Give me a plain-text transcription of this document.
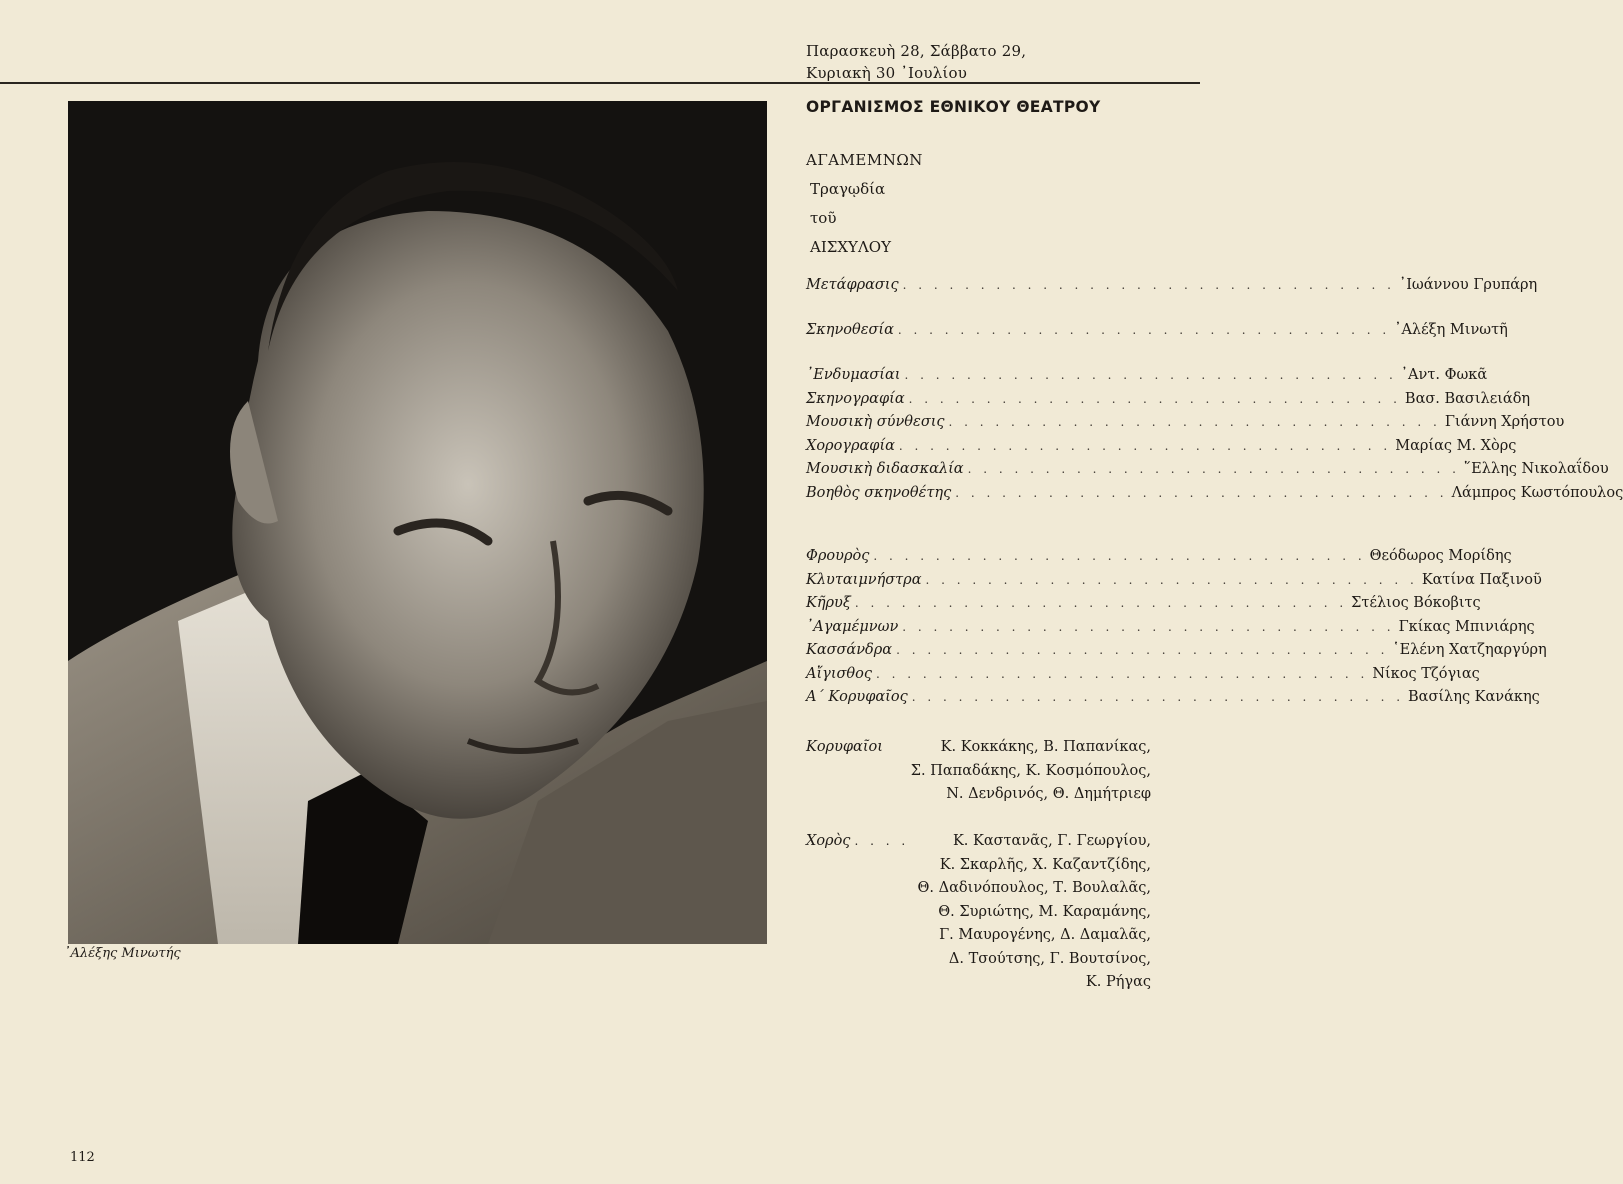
Παρασκευὴ 28, Σάββατο 29,
Κυριακὴ 30 ᾿Ιουλίου
᾿Αλέξης Μινωτής
112
ΟΡΓΑΝΙΣΜΟΣ ΕΘΝΙΚΟΥ ΘΕΑΤΡΟΥ
ΑΓΑΜΕΜΝΩΝ
Τραγῳδία
τοῦ
ΑΙΣΧΥΛΟΥ
Μετάφρασις . . . . . . . . . . . . . . . . . . . . . . . . . . . . . . . . ᾿Ιωάννου Γρυπάρη
Σκηνοθεσία . . . . . . . . . . . . . . . . . . . . . . . . . . . . . . . . ᾿Αλέξη Μινωτῆ
᾿Ενδυμασίαι . . . . . . . . . . . . . . . . . . . . . . . . . . . . . . . . ᾿Αντ. Φωκᾶ
Σκηνογραφία . . . . . . . . . . . . . . . . . . . . . . . . . . . . . . . . Βασ. Βασιλειάδη
Μουσικὴ σύνθεσις . . . . . . . . . . . . . . . . . . . . . . . . . . . . . . . . Γιάννη Χρήστου
Χορογραφία . . . . . . . . . . . . . . . . . . . . . . . . . . . . . . . . Μαρίας Μ. Χὸρς
Μουσικὴ διδασκαλία . . . . . . . . . . . . . . . . . . . . . . . . . . . . . . . . ῞Ελλης Νικολαΐδου
Βοηθὸς σκηνοθέτης . . . . . . . . . . . . . . . . . . . . . . . . . . . . . . . . Λάμπρος Κωστόπουλος
Φρουρὸς . . . . . . . . . . . . . . . . . . . . . . . . . . . . . . . . Θεόδωρος Μορίδης
Κλυταιμνήστρα . . . . . . . . . . . . . . . . . . . . . . . . . . . . . . . . Κατίνα Παξινοῦ
Κῆρυξ . . . . . . . . . . . . . . . . . . . . . . . . . . . . . . . . Στέλιος Βόκοβιτς
᾿Αγαμέμνων . . . . . . . . . . . . . . . . . . . . . . . . . . . . . . . . Γκίκας Μπινιάρης
Κασσάνδρα . . . . . . . . . . . . . . . . . . . . . . . . . . . . . . . . ῾Ελένη Χατζηαργύρη
Αἴγισθος . . . . . . . . . . . . . . . . . . . . . . . . . . . . . . . . Νίκος Τζόγιας
Α΄ Κορυφαῖος . . . . . . . . . . . . . . . . . . . . . . . . . . . . . . . . Βασίλης Κανάκης
Κορυφαῖοι	Κ. Κοκκάκης, Β. Παπανίκας,
Σ. Παπαδάκης, Κ. Κοσμόπουλος,
Ν. Δενδρινός, Θ. Δημήτριεφ
Χορὸς . . . .	Κ. Καστανᾶς, Γ. Γεωργίου,
Κ. Σκαρλῆς, Χ. Καζαντζίδης,
Θ. Δαδινόπουλος, Τ. Βουλαλᾶς,
Θ. Συριώτης, Μ. Καραμάνης,
Γ. Μαυρογένης, Δ. Δαμαλᾶς,
Δ. Τσούτσης, Γ. Βουτσίνος,
Κ. Ρήγας
